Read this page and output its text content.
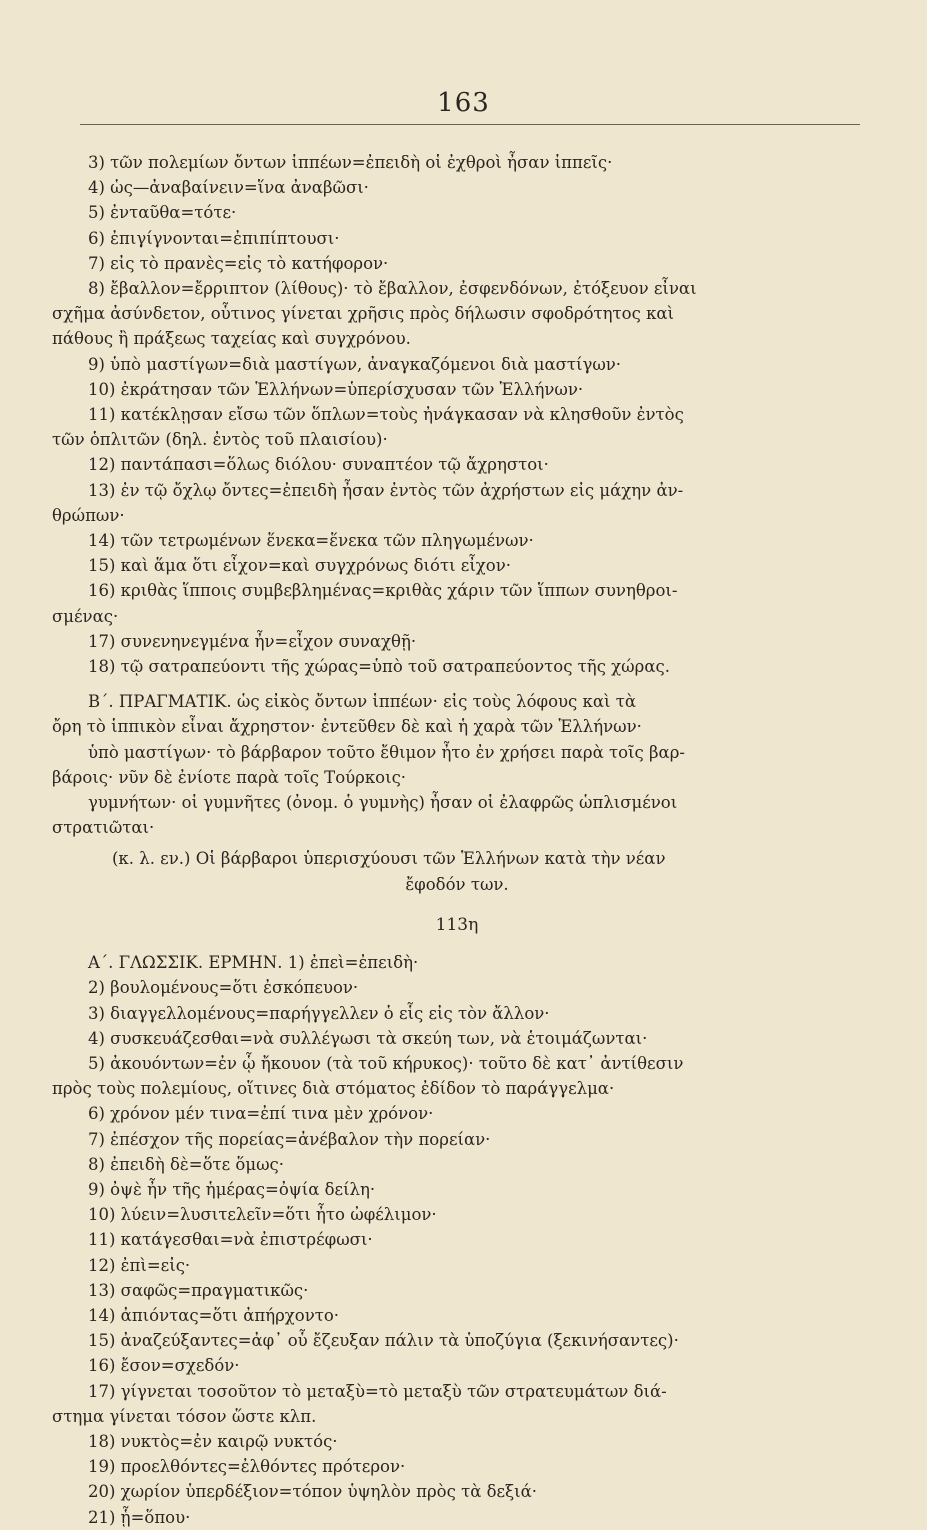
163
3) τῶν πολεμίων ὄντων ἱππέων=ἐπειδὴ οἱ ἐχθροὶ ἦσαν ἱππεῖς·
4) ὡς—ἀναβαίνειν=ἵνα ἀναβῶσι·
5) ἐνταῦθα=τότε·
6) ἐπιγίγνονται=ἐπιπίπτουσι·
7) εἰς τὸ πρανὲς=εἰς τὸ κατήφορον·
8) ἔβαλλον=ἔρριπτον (λίθους)· τὸ ἔβαλλον, ἐσφενδόνων, ἐτόξευον εἶναι
σχῆμα ἀσύνδετον, οὗτινος γίνεται χρῆσις πρὸς δήλωσιν σφοδρότητος καὶ
πάθους ἢ πράξεως ταχείας καὶ συγχρόνου.
9) ὑπὸ μαστίγων=διὰ μαστίγων, ἀναγκαζόμενοι διὰ μαστίγων·
10) ἐκράτησαν τῶν Ἑλλήνων=ὑπερίσχυσαν τῶν Ἑλλήνων·
11) κατέκλῃσαν εἴσω τῶν ὅπλων=τοὺς ἠνάγκασαν νὰ κλησθοῦν ἐντὸς
τῶν ὁπλιτῶν (δηλ. ἐντὸς τοῦ πλαισίου)·
12) παντάπασι=ὅλως διόλου· συναπτέον τῷ ἄχρηστοι·
13) ἐν τῷ ὄχλῳ ὄντες=ἐπειδὴ ἦσαν ἐντὸς τῶν ἀχρήστων εἰς μάχην ἀν-
θρώπων·
14) τῶν τετρωμένων ἕνεκα=ἕνεκα τῶν πληγωμένων·
15) καὶ ἅμα ὅτι εἶχον=καὶ συγχρόνως διότι εἶχον·
16) κριθὰς ἵπποις συμβεβλημένας=κριθὰς χάριν τῶν ἵππων συνηθροι-
σμένας·
17) συνενηνεγμένα ἦν=εἶχον συναχθῇ·
18) τῷ σατραπεύοντι τῆς χώρας=ὑπὸ τοῦ σατραπεύοντος τῆς χώρας.
Β΄. ΠΡΑΓΜΑΤΙΚ. ὡς εἰκὸς ὄντων ἱππέων· εἰς τοὺς λόφους καὶ τὰ
ὄρη τὸ ἱππικὸν εἶναι ἄχρηστον· ἐντεῦθεν δὲ καὶ ἡ χαρὰ τῶν Ἑλλήνων·
ὑπὸ μαστίγων· τὸ βάρβαρον τοῦτο ἔθιμον ἦτο ἐν χρήσει παρὰ τοῖς βαρ-
βάροις· νῦν δὲ ἐνίοτε παρὰ τοῖς Τούρκοις·
γυμνήτων· οἱ γυμνῆτες (ὀνομ. ὁ γυμνὴς) ἦσαν οἱ ἐλαφρῶς ὡπλισμένοι
στρατιῶται·
(κ. λ. εν.) Οἱ βάρβαροι ὑπερισχύουσι τῶν Ἑλλήνων κατὰ τὴν νέαν
ἔφοδόν των.
113η
Α΄. ΓΛΩΣΣΙΚ. ΕΡΜΗΝ. 1) ἐπεὶ=ἐπειδὴ·
2) βουλομένους=ὅτι ἐσκόπευον·
3) διαγγελλομένους=παρήγγελλεν ὁ εἷς εἰς τὸν ἄλλον·
4) συσκευάζεσθαι=νὰ συλλέγωσι τὰ σκεύη των, νὰ ἑτοιμάζωνται·
5) ἀκουόντων=ἐν ᾧ ἤκουον (τὰ τοῦ κήρυκος)· τοῦτο δὲ κατ᾽ ἀντίθεσιν
πρὸς τοὺς πολεμίους, οἵτινες διὰ στόματος ἐδίδον τὸ παράγγελμα·
6) χρόνον μέν τινα=ἐπί τινα μὲν χρόνον·
7) ἐπέσχον τῆς πορείας=ἀνέβαλον τὴν πορείαν·
8) ἐπειδὴ δὲ=ὅτε ὅμως·
9) ὀψὲ ἦν τῆς ἡμέρας=ὀψία δείλη·
10) λύειν=λυσιτελεῖν=ὅτι ἦτο ὠφέλιμον·
11) κατάγεσθαι=νὰ ἐπιστρέφωσι·
12) ἐπὶ=εἰς·
13) σαφῶς=πραγματικῶς·
14) ἀπιόντας=ὅτι ἀπήρχοντο·
15) ἀναζεύξαντες=ἀφ᾽ οὗ ἔζευξαν πάλιν τὰ ὑποζύγια (ξεκινήσαντες)·
16) ἔσον=σχεδόν·
17) γίγνεται τοσοῦτον τὸ μεταξὺ=τὸ μεταξὺ τῶν στρατευμάτων διά-
στημα γίνεται τόσον ὥστε κλπ.
18) νυκτὸς=ἐν καιρῷ νυκτός·
19) προελθόντες=ἐλθόντες πρότερον·
20) χωρίον ὑπερδέξιον=τόπον ὑψηλὸν πρὸς τὰ δεξιά·
21) ᾗ=ὅπου·
